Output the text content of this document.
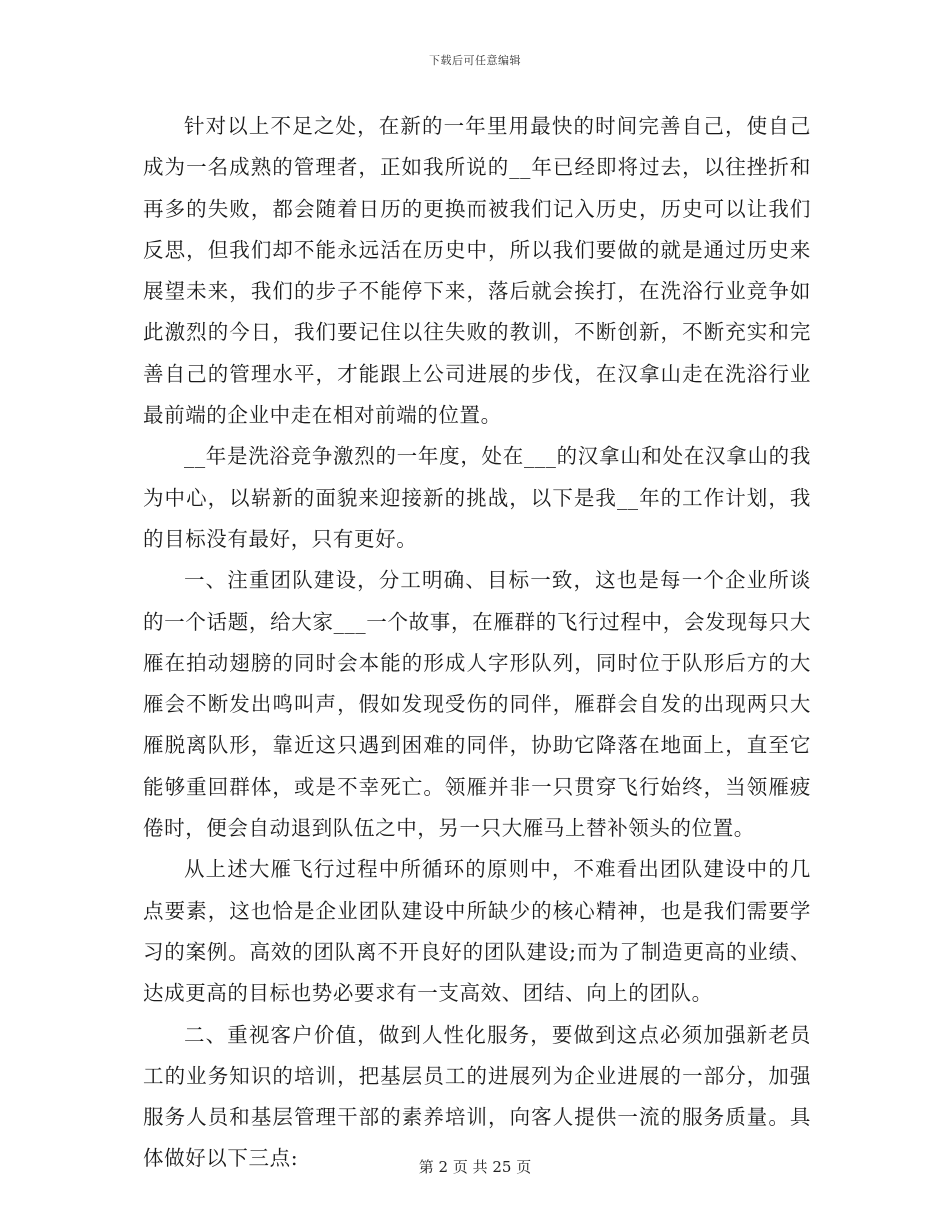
下载后可任意编辑

针对以上不足之处，在新的一年里用最快的时间完善自己，使自己成为一名成熟的管理者，正如我所说的__年已经即将过去，以往挫折和再多的失败，都会随着日历的更换而被我们记入历史，历史可以让我们反思，但我们却不能永远活在历史中，所以我们要做的就是通过历史来展望未来，我们的步子不能停下来，落后就会挨打，在洗浴行业竞争如此激烈的今日，我们要记住以往失败的教训，不断创新，不断充实和完善自己的管理水平，才能跟上公司进展的步伐，在汉拿山走在洗浴行业最前端的企业中走在相对前端的位置。

__年是洗浴竞争激烈的一年度，处在___的汉拿山和处在汉拿山的我为中心，以崭新的面貌来迎接新的挑战，以下是我__年的工作计划，我的目标没有最好，只有更好。

一、注重团队建设，分工明确、目标一致，这也是每一个企业所谈的一个话题，给大家___一个故事，在雁群的飞行过程中，会发现每只大雁在拍动翅膀的同时会本能的形成人字形队列，同时位于队形后方的大雁会不断发出鸣叫声，假如发现受伤的同伴，雁群会自发的出现两只大雁脱离队形，靠近这只遇到困难的同伴，协助它降落在地面上，直至它能够重回群体，或是不幸死亡。领雁并非一只贯穿飞行始终，当领雁疲倦时，便会自动退到队伍之中，另一只大雁马上替补领头的位置。

从上述大雁飞行过程中所循环的原则中，不难看出团队建设中的几点要素，这也恰是企业团队建设中所缺少的核心精神，也是我们需要学习的案例。高效的团队离不开良好的团队建设;而为了制造更高的业绩、达成更高的目标也势必要求有一支高效、团结、向上的团队。

二、重视客户价值，做到人性化服务，要做到这点必须加强新老员工的业务知识的培训，把基层员工的进展列为企业进展的一部分，加强服务人员和基层管理干部的素养培训，向客人提供一流的服务质量。具体做好以下三点:	第 2 页 共 25 页
